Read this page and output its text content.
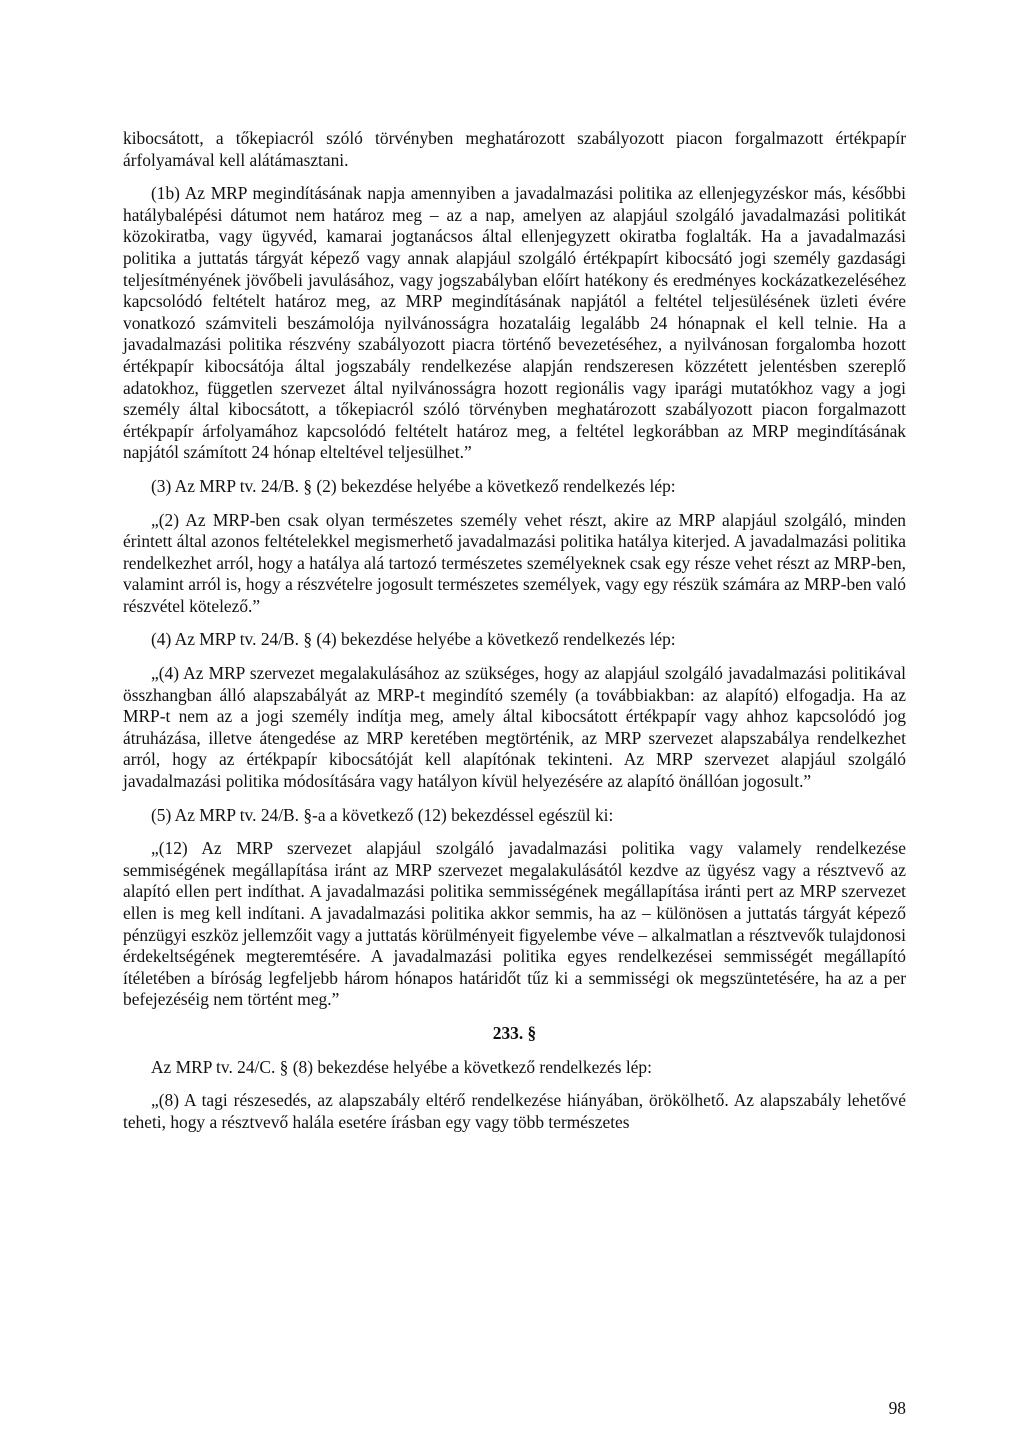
kibocsátott, a tőkepiacról szóló törvényben meghatározott szabályozott piacon forgalmazott értékpapír árfolyamával kell alátámasztani.

(1b) Az MRP megindításának napja amennyiben a javadalmazási politika az ellenjegyzéskor más, későbbi hatálybalépési dátumot nem határoz meg – az a nap, amelyen az alapjául szolgáló javadalmazási politikát közokiratba, vagy ügyvéd, kamarai jogtanácsos által ellenjegyzett okiratba foglalták. Ha a javadalmazási politika a juttatás tárgyát képező vagy annak alapjául szolgáló értékpapírt kibocsátó jogi személy gazdasági teljesítményének jövőbeli javulásához, vagy jogszabályban előírt hatékony és eredményes kockázatkezeléséhez kapcsolódó feltételt határoz meg, az MRP megindításának napjától a feltétel teljesülésének üzleti évére vonatkozó számviteli beszámolója nyilvánosságra hozataláig legalább 24 hónapnak el kell telnie. Ha a javadalmazási politika részvény szabályozott piacra történő bevezetéséhez, a nyilvánosan forgalomba hozott értékpapír kibocsátója által jogszabály rendelkezése alapján rendszeresen közzétett jelentésben szereplő adatokhoz, független szervezet által nyilvánosságra hozott regionális vagy iparági mutatókhoz vagy a jogi személy által kibocsátott, a tőkepiacról szóló törvényben meghatározott szabályozott piacon forgalmazott értékpapír árfolyamához kapcsolódó feltételt határoz meg, a feltétel legkorábban az MRP megindításának napjától számított 24 hónap elteltével teljesülhet.”

(3) Az MRP tv. 24/B. § (2) bekezdése helyébe a következő rendelkezés lép:

„(2) Az MRP-ben csak olyan természetes személy vehet részt, akire az MRP alapjául szolgáló, minden érintett által azonos feltételekkel megismerhető javadalmazási politika hatálya kiterjed. A javadalmazási politika rendelkezhet arról, hogy a hatálya alá tartozó természetes személyeknek csak egy része vehet részt az MRP-ben, valamint arról is, hogy a részvételre jogosult természetes személyek, vagy egy részük számára az MRP-ben való részvétel kötelező.”

(4) Az MRP tv. 24/B. § (4) bekezdése helyébe a következő rendelkezés lép:

„(4) Az MRP szervezet megalakulásához az szükséges, hogy az alapjául szolgáló javadalmazási politikával összhangban álló alapszabályát az MRP-t megindító személy (a továbbiakban: az alapító) elfogadja. Ha az MRP-t nem az a jogi személy indítja meg, amely által kibocsátott értékpapír vagy ahhoz kapcsolódó jog átruházása, illetve átengedése az MRP keretében megtörténik, az MRP szervezet alapszabálya rendelkezhet arról, hogy az értékpapír kibocsátóját kell alapítónak tekinteni. Az MRP szervezet alapjául szolgáló javadalmazási politika módosítására vagy hatályon kívül helyezésére az alapító önállóan jogosult.”

(5) Az MRP tv. 24/B. §-a a következő (12) bekezdéssel egészül ki:

„(12) Az MRP szervezet alapjául szolgáló javadalmazási politika vagy valamely rendelkezése semmiségének megállapítása iránt az MRP szervezet megalakulásától kezdve az ügyész vagy a résztvevő az alapító ellen pert indíthat. A javadalmazási politika semmisségének megállapítása iránti pert az MRP szervezet ellen is meg kell indítani. A javadalmazási politika akkor semmis, ha az – különösen a juttatás tárgyát képező pénzügyi eszköz jellemzőit vagy a juttatás körülményeit figyelembe véve – alkalmatlan a résztvevők tulajdonosi érdekeltségének megteremtésére. A javadalmazási politika egyes rendelkezései semmisségét megállapító ítéletében a bíróság legfeljebb három hónapos határidőt tűz ki a semmisségi ok megszüntetésére, ha az a per befejezéséig nem történt meg.”

233. §

Az MRP tv. 24/C. § (8) bekezdése helyébe a következő rendelkezés lép:

„(8) A tagi részesedés, az alapszabály eltérő rendelkezése hiányában, örökölhető. Az alapszabály lehetővé teheti, hogy a résztvevő halála esetére írásban egy vagy több természetes

98
